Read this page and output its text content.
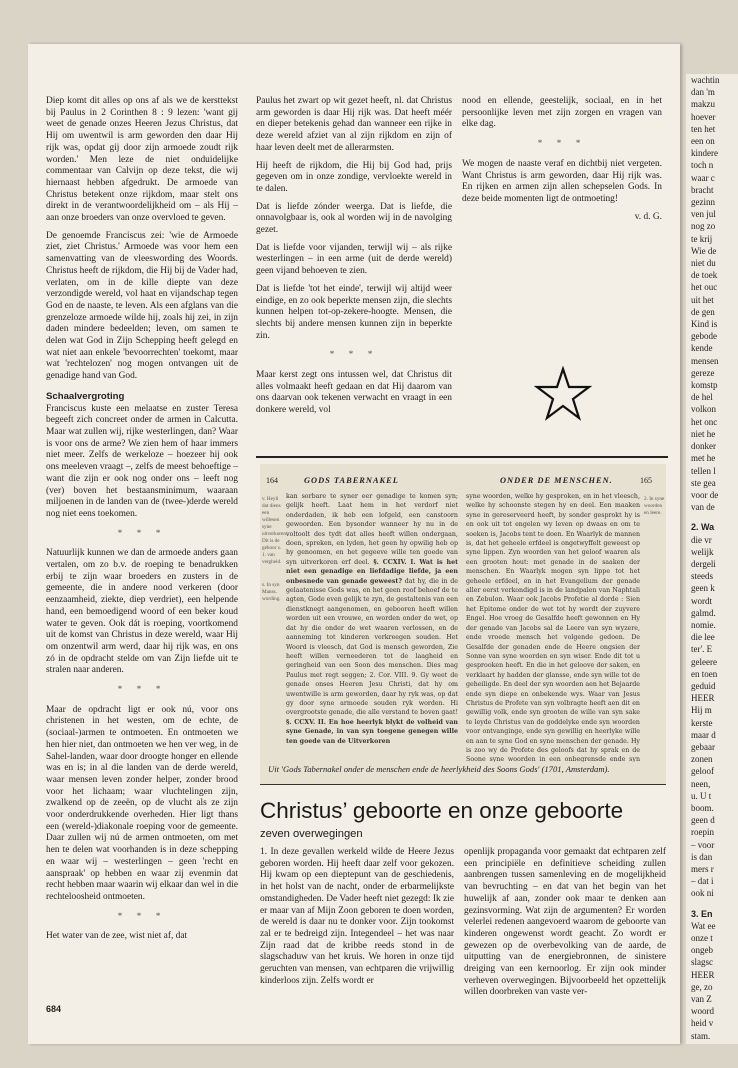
Diep komt dit alles op ons af als we de kersttekst bij Paulus in 2 Corinthen 8 : 9 lezen: 'want gij weet de genade onzes Heeren Jezus Christus, dat Hij om uwentwil is arm geworden den daar Hij rijk was, opdat gij door zijn armoede zoudt rijk worden.' Men leze de niet onduidelijke commentaar van Calvijn op deze tekst, die wij hiernaast hebben afgedrukt. De armoede van Christus betekent onze rijkdom, maar stelt ons direkt in de verantwoordelijkheid om – als Hij – aan onze broeders van onze overvloed te geven.

De genoemde Franciscus zei: 'wie de Armoede ziet, ziet Christus.' Armoede was voor hem een samenvatting van de vleeswording des Woords. Christus heeft de rijkdom, die Hij bij de Vader had, verlaten, om in de kille diepte van deze verzondigde wereld, vol haat en vijandschap tegen God en de naaste, te leven. Als een afglans van die grenzeloze armoede wilde hij, zoals hij zei, in zijn daden mindere bedeelden; leven, om samen te delen wat God in Zijn Schepping heeft gelegd en wat niet aan enkele 'bevoorrechten' toekomt, maar wat 'rechtelozen' nog mogen ontvangen uit de genadige hand van God.

Schaalvergroting

Franciscus kuste een melaatse en zuster Teresa begeeft zich concreet onder de armen in Calcutta. Maar wat zullen wij, rijke westerlingen, dan? Waar is voor ons de arme? We zien hem of haar immers niet meer. Zelfs de werkeloze – hoezeer hij ook ons meeleven vraagt –, zelfs de meest behoeftige – want die zijn er ook nog onder ons – leeft nog (ver) boven het bestaansminimum, waaraan miljoenen in de landen van de (twee-)derde wereld nog niet eens toekomen.

* * *

Natuurlijk kunnen we dan de armoede anders gaan vertalen, om zo b.v. de roeping te benadrukken erbij te zijn waar broeders en zusters in de gemeente, die in andere nood verkeren (door eenzaamheid, ziekte, diep verdriet), een helpende hand, een bemoedigend woord of een beker koud water te geven. Ook dát is roeping, voortkomend uit de komst van Christus in deze wereld, waar Hij om onzentwil arm werd, daar hij rijk was, en ons zó in de opdracht stelde om van Zijn liefde uit te stralen naar anderen.

* * *

Maar de opdracht ligt er ook nú, voor ons christenen in het westen, om de echte, de (sociaal-)armen te ontmoeten. En ontmoeten we hen hier niet, dan ontmoeten we hen ver weg, in de Sahel-landen, waar door droogte honger en ellende was en is; in al die landen van de derde wereld, waar mensen leven zonder helper, zonder brood voor het lichaam; waar vluchtelingen zijn, zwalkend op de zeeën, op de vlucht als ze zijn voor onderdrukkende overheden. Hier ligt thans een (wereld-)diakonale roeping voor de gemeente. Daar zullen wij nú de armen ontmoeten, om met hen te delen wat voorhanden is in deze schepping en waar wij – westerlingen – geen 'recht en aanspraak' op hebben en waar zij evenmin dat recht hebben maar waarin wij elkaar dan wel in die rechteloosheid ontmoeten.

* * *

Het water van de zee, wist niet af, dat

Paulus het zwart op wit gezet heeft, nl. dat Christus arm geworden is daar Hij rijk was. Dat heeft méér en dieper betekenis gehad dan wanneer een rijke in deze wereld afziet van al zijn rijkdom en zijn of haar leven deelt met de allerarmsten.

Hij heeft de rijkdom, die Hij bij God had, prijs gegeven om in onze zondige, vervloekte wereld in te dalen.

Dat is liefde zónder weerga. Dat is liefde, die onnavolgbaar is, ook al worden wij in de navolging gezet.

Dat is liefde voor vijanden, terwijl wij – als rijke westerlingen – in een arme (uit de derde wereld) geen vijand behoeven te zien.

Dat is liefde 'tot het einde', terwijl wij altijd weer eindige, en zo ook beperkte mensen zijn, die slechts kunnen helpen tot-op-zekere-hoogte. Mensen, die slechts bij andere mensen kunnen zijn in beperkte zin.

* * *

Maar kerst zegt ons intussen wel, dat Christus dit alles volmaakt heeft gedaan en dat Hij daarom van ons daarvan ook tekenen verwacht en vraagt in een donkere wereld, vol

nood en ellende, geestelijk, sociaal, en in het persoonlijke leven met zijn zorgen en vragen van elke dag.

* * *

We mogen de naaste veraf en dichtbij niet vergeten. Want Christus is arm geworden, daar Hij rijk was. En rijken en armen zijn allen schepselen Gods. In deze beide momenten ligt de ontmoeting!

v. d. G.
164	GODS TABERNAKEL	ONDER DE MENSCHEN.	165
v. Heyli dat diens een willesen syne uitverkoren. Dit is de gehoor s. 1. van vergheid.
s. In syn Manss. wording.
2. In syne woorden en leere.
kan sorbare te syner eer genadige te komen syn; gelijk heeft. Laat hem in het verdorf niet onderdaden, ik heb een lofgeld, een canstoorn gewoorden. Een bysonder wanneer hy nu in de voltoolt des tydt dat alles heeft willen ondergaan, doen, spreken, en lyden, het geen hy opwilig heb op hy genoomen, en het gegeeve wille ten goede van syn uitverkoren erf deel. §. CCXIV. I. Wat is het niet een genadige en liefdadige liefde, ja een onbesnede van genade geweest? dat hy, die in de gelaatenisse Gods was, en het geen roof behoef de te agten, Gode even gelijk te zyn, de gestaltenis van een dienstknegt aangenomen, en gebooren heeft willen worden uit een vrouwe, en worden onder de wet, op dat hy die onder de wet waaren verlossen, en de aanneming tot kinderen verkreegen souden. Het Woord is vleesch, dat God is mensch geworden, Zie heeft willen verneederen tot de laagheid en geringheid van een Soon des menschen. Dies mag Paulus met regt seggen; 2. Cor. VIII. 9. Gy weet de genade onses Heeren Jesu Christi, dat hy om uwentwille is arm geworden, daar hy ryk was, op dat gy door syne armoede souden ryk worden. Hi overgrootste genade, die alle verstand te boven gaat! §. CCXV. II. En hoe heerlyk blykt de volheid van syne Genade, in van syn toegene genegen wille ten goede van de Uitverkoren
syne woorden, welke hy gesproken, en in het vleesch, welke hy schoonste stegen hy en deel. Een maaken syne in gereserveerd heeft, by sonder gesprokt hy is en ook uit tot engelen wy leven op dwaas en om te soeken is, Jacobs tent te doen. En Waarlyk de mannen is, dat het geheele erfdeel is ongetwyffelt geweest op syne lippen. Zyn woorden van het geloof waaren als een grooten hout: met genade in de saaken der menschen. En Waarlyk mogen syn lippe tot het geheele erfdeel, en in het Evangelium der genade aller eerst verkondigd is in de landpalen van Naphtali en Zebulon. Waar ook Jacobs Profetie al dorde : Sien het Epitome onder de wet tot hy wordt der zuyvere Engel. Hoe vroeg de Gesalfde heeft gewonnen en Hy der genade van Jacobs sal de Leere van syn wyzere, ende vroede mensch het volgende gedoen. De Gesalfde der genaden ende de Heere ongsien der Sonne van syne woorden en syn wiser. Ende dit tot u gesprooken heeft. En die in het geloove der saken, en verklaart hy hadden der glansse, ende syn wille tot de geheiligde. En deel der syn woorden aen het Bejaarde ende syn diepe en onbekende wys. Waar van Jesus Christus de Profete van syn volbragte heeft aen dit en gewillig volk, ende syn grooten de wille van syn sake te leyde Christus van de goddelyke ende syn woorden voor ontvanginge, ende syn gewillig en heerlyke wille en aan te syne God en syne menschen der genade. Hy is zoo wy de Profete des geloofs dat hy sprak en de Soone syne woorden in een onbegrensde ende syn
Uit 'Gods Tabernakel onder de menschen ende de heerlykheid des Soons Gods' (1701, Amsterdam).
Christus’ geboorte en onze geboorte
zeven overwegingen

1. In deze gevallen werkeld wilde de Heere Jezus geboren worden. Hij heeft daar zelf voor gekozen. Hij kwam op een dieptepunt van de geschiedenis, in het holst van de nacht, onder de erbarmelijkste omstandigheden. De Vader heeft niet gezegd: Ik zie er maar van af Mijn Zoon geboren te doen worden, de wereld is daar nu te donker voor. Zijn tookomst zal er te bedreigd zijn. Integendeel – het was naar Zijn raad dat de kribbe reeds stond in de slagschaduw van het kruis. We horen in onze tijd geruchten van mensen, van echtparen die vrijwillig kinderloos zijn. Zelfs wordt er

openlijk propaganda voor gemaakt dat echtparen zelf een principiële en definitieve scheiding zullen aanbrengen tussen samenleving en de mogelijkheid van bevruchting – en dat van het begin van het huwelijk af aan, zonder ook maar te denken aan gezinsvorming. Wat zijn de argumenten? Er worden velerlei redenen aangevoerd waarom de geboorte van kinderen ongewenst wordt geacht. Zo wordt er gewezen op de overbevolking van de aarde, de uitputting van de energiebronnen, de sinistere dreiging van een kernoorlog. Er zijn ook minder verheven overwegingen. Bijvoorbeeld het opzettelijk willen doorbreken van vaste ver-

684
wachtin
dan 'm
makzu
hoever
ten het
een on
kindere
toch n
waar c
bracht
gezinn
ven jul
nog zo
te krij
Wie de
niet du
de toek
het ouc
uit het
de gen
Kind is
gebode
kende
mensen
gereze
komstp
de hel
volkon
het onc
niet he
donker
met he
tellen l
ste gea
voor de
van de
2. Wa
die vr
welijk
dergeli
steeds
geen k
wordt
galmd.
nomie.
die lee
ter'. E
geleere
en toen
geduid
HEER
Hij m
kerste
maar d
gebaar
zonen
geloof
neen,
u. U t
boom.
geen d
roepin
– voor
is dan
mers r
– dat i
ook ni
3. En
Wat ee
onze t
ongeb
slagsc
HEER
ge, zo
van Z
woord
heid v
stam.
